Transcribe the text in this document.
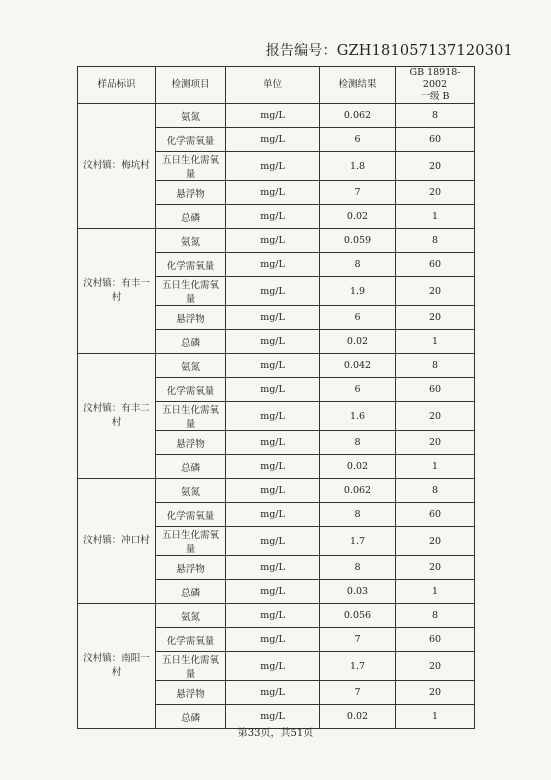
报告编号：GZH181057137120301
样品标识	检测项目	单位	检测结果	GB 18918-2002
一级 B
汶村镇：梅坑村	氨氮	mg/L	0.062	8
	化学需氧量	mg/L	6	60
	五日生化需氧量	mg/L	1.8	20
	悬浮物	mg/L	7	20
	总磷	mg/L	0.02	1
汶村镇：有丰一村	氨氮	mg/L	0.059	8
	化学需氧量	mg/L	8	60
	五日生化需氧量	mg/L	1.9	20
	悬浮物	mg/L	6	20
	总磷	mg/L	0.02	1
汶村镇：有丰二村	氨氮	mg/L	0.042	8
	化学需氧量	mg/L	6	60
	五日生化需氧量	mg/L	1.6	20
	悬浮物	mg/L	8	20
	总磷	mg/L	0.02	1
汶村镇：冲口村	氨氮	mg/L	0.062	8
	化学需氧量	mg/L	8	60
	五日生化需氧量	mg/L	1.7	20
	悬浮物	mg/L	8	20
	总磷	mg/L	0.03	1
汶村镇：南阳一村	氨氮	mg/L	0.056	8
	化学需氧量	mg/L	7	60
	五日生化需氧量	mg/L	1.7	20
	悬浮物	mg/L	7	20
	总磷	mg/L	0.02	1
第33页，共51页
